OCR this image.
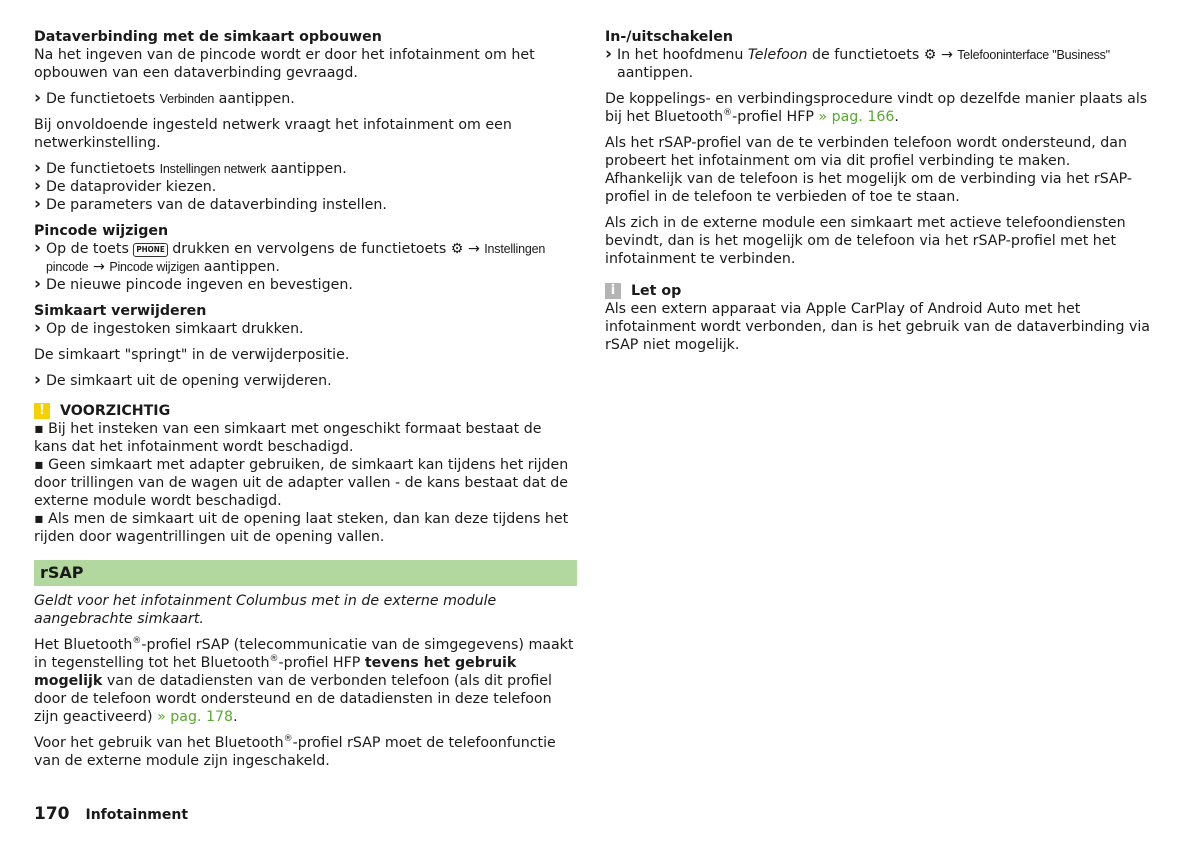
Dataverbinding met de simkaart opbouwen

Na het ingeven van de pincode wordt er door het infotainment om het opbouwen van een dataverbinding gevraagd.

› De functietoets Verbinden aantippen.

Bij onvoldoende ingesteld netwerk vraagt het infotainment om een netwerkinstelling.

› De functietoets Instellingen netwerk aantippen.

› De dataprovider kiezen.

› De parameters van de dataverbinding instellen.

Pincode wijzigen

› Op de toets PHONE drukken en vervolgens de functietoets ⚙ → Instellingen pincode → Pincode wijzigen aantippen.

› De nieuwe pincode ingeven en bevestigen.

Simkaart verwijderen

› Op de ingestoken simkaart drukken.

De simkaart "springt" in de verwijderpositie.

› De simkaart uit de opening verwijderen.

!	VOORZICHTIG

▪ Bij het insteken van een simkaart met ongeschikt formaat bestaat de kans dat het infotainment wordt beschadigd.

▪ Geen simkaart met adapter gebruiken, de simkaart kan tijdens het rijden door trillingen van de wagen uit de adapter vallen - de kans bestaat dat de externe module wordt beschadigd.

▪ Als men de simkaart uit de opening laat steken, dan kan deze tijdens het rijden door wagentrillingen uit de opening vallen.

rSAP

Geldt voor het infotainment Columbus met in de externe module aangebrachte simkaart.

Het Bluetooth®-profiel rSAP (telecommunicatie van de simgegevens) maakt in tegenstelling tot het Bluetooth®-profiel HFP tevens het gebruik mogelijk van de datadiensten van de verbonden telefoon (als dit profiel door de telefoon wordt ondersteund en de datadiensten in deze telefoon zijn geactiveerd) » pag. 178.

Voor het gebruik van het Bluetooth®-profiel rSAP moet de telefoonfunctie van de externe module zijn ingeschakeld.

In-/uitschakelen

› In het hoofdmenu Telefoon de functietoets ⚙ → Telefooninterface "Business" aantippen.

De koppelings- en verbindingsprocedure vindt op dezelfde manier plaats als bij het Bluetooth®-profiel HFP » pag. 166.

Als het rSAP-profiel van de te verbinden telefoon wordt ondersteund, dan probeert het infotainment om via dit profiel verbinding te maken. Afhankelijk van de telefoon is het mogelijk om de verbinding via het rSAP-profiel in de telefoon te verbieden of toe te staan.

Als zich in de externe module een simkaart met actieve telefoondiensten bevindt, dan is het mogelijk om de telefoon via het rSAP-profiel met het infotainment te verbinden.

i	Let op

Als een extern apparaat via Apple CarPlay of Android Auto met het infotainment wordt verbonden, dan is het gebruik van de dataverbinding via rSAP niet mogelijk.

170 Infotainment
